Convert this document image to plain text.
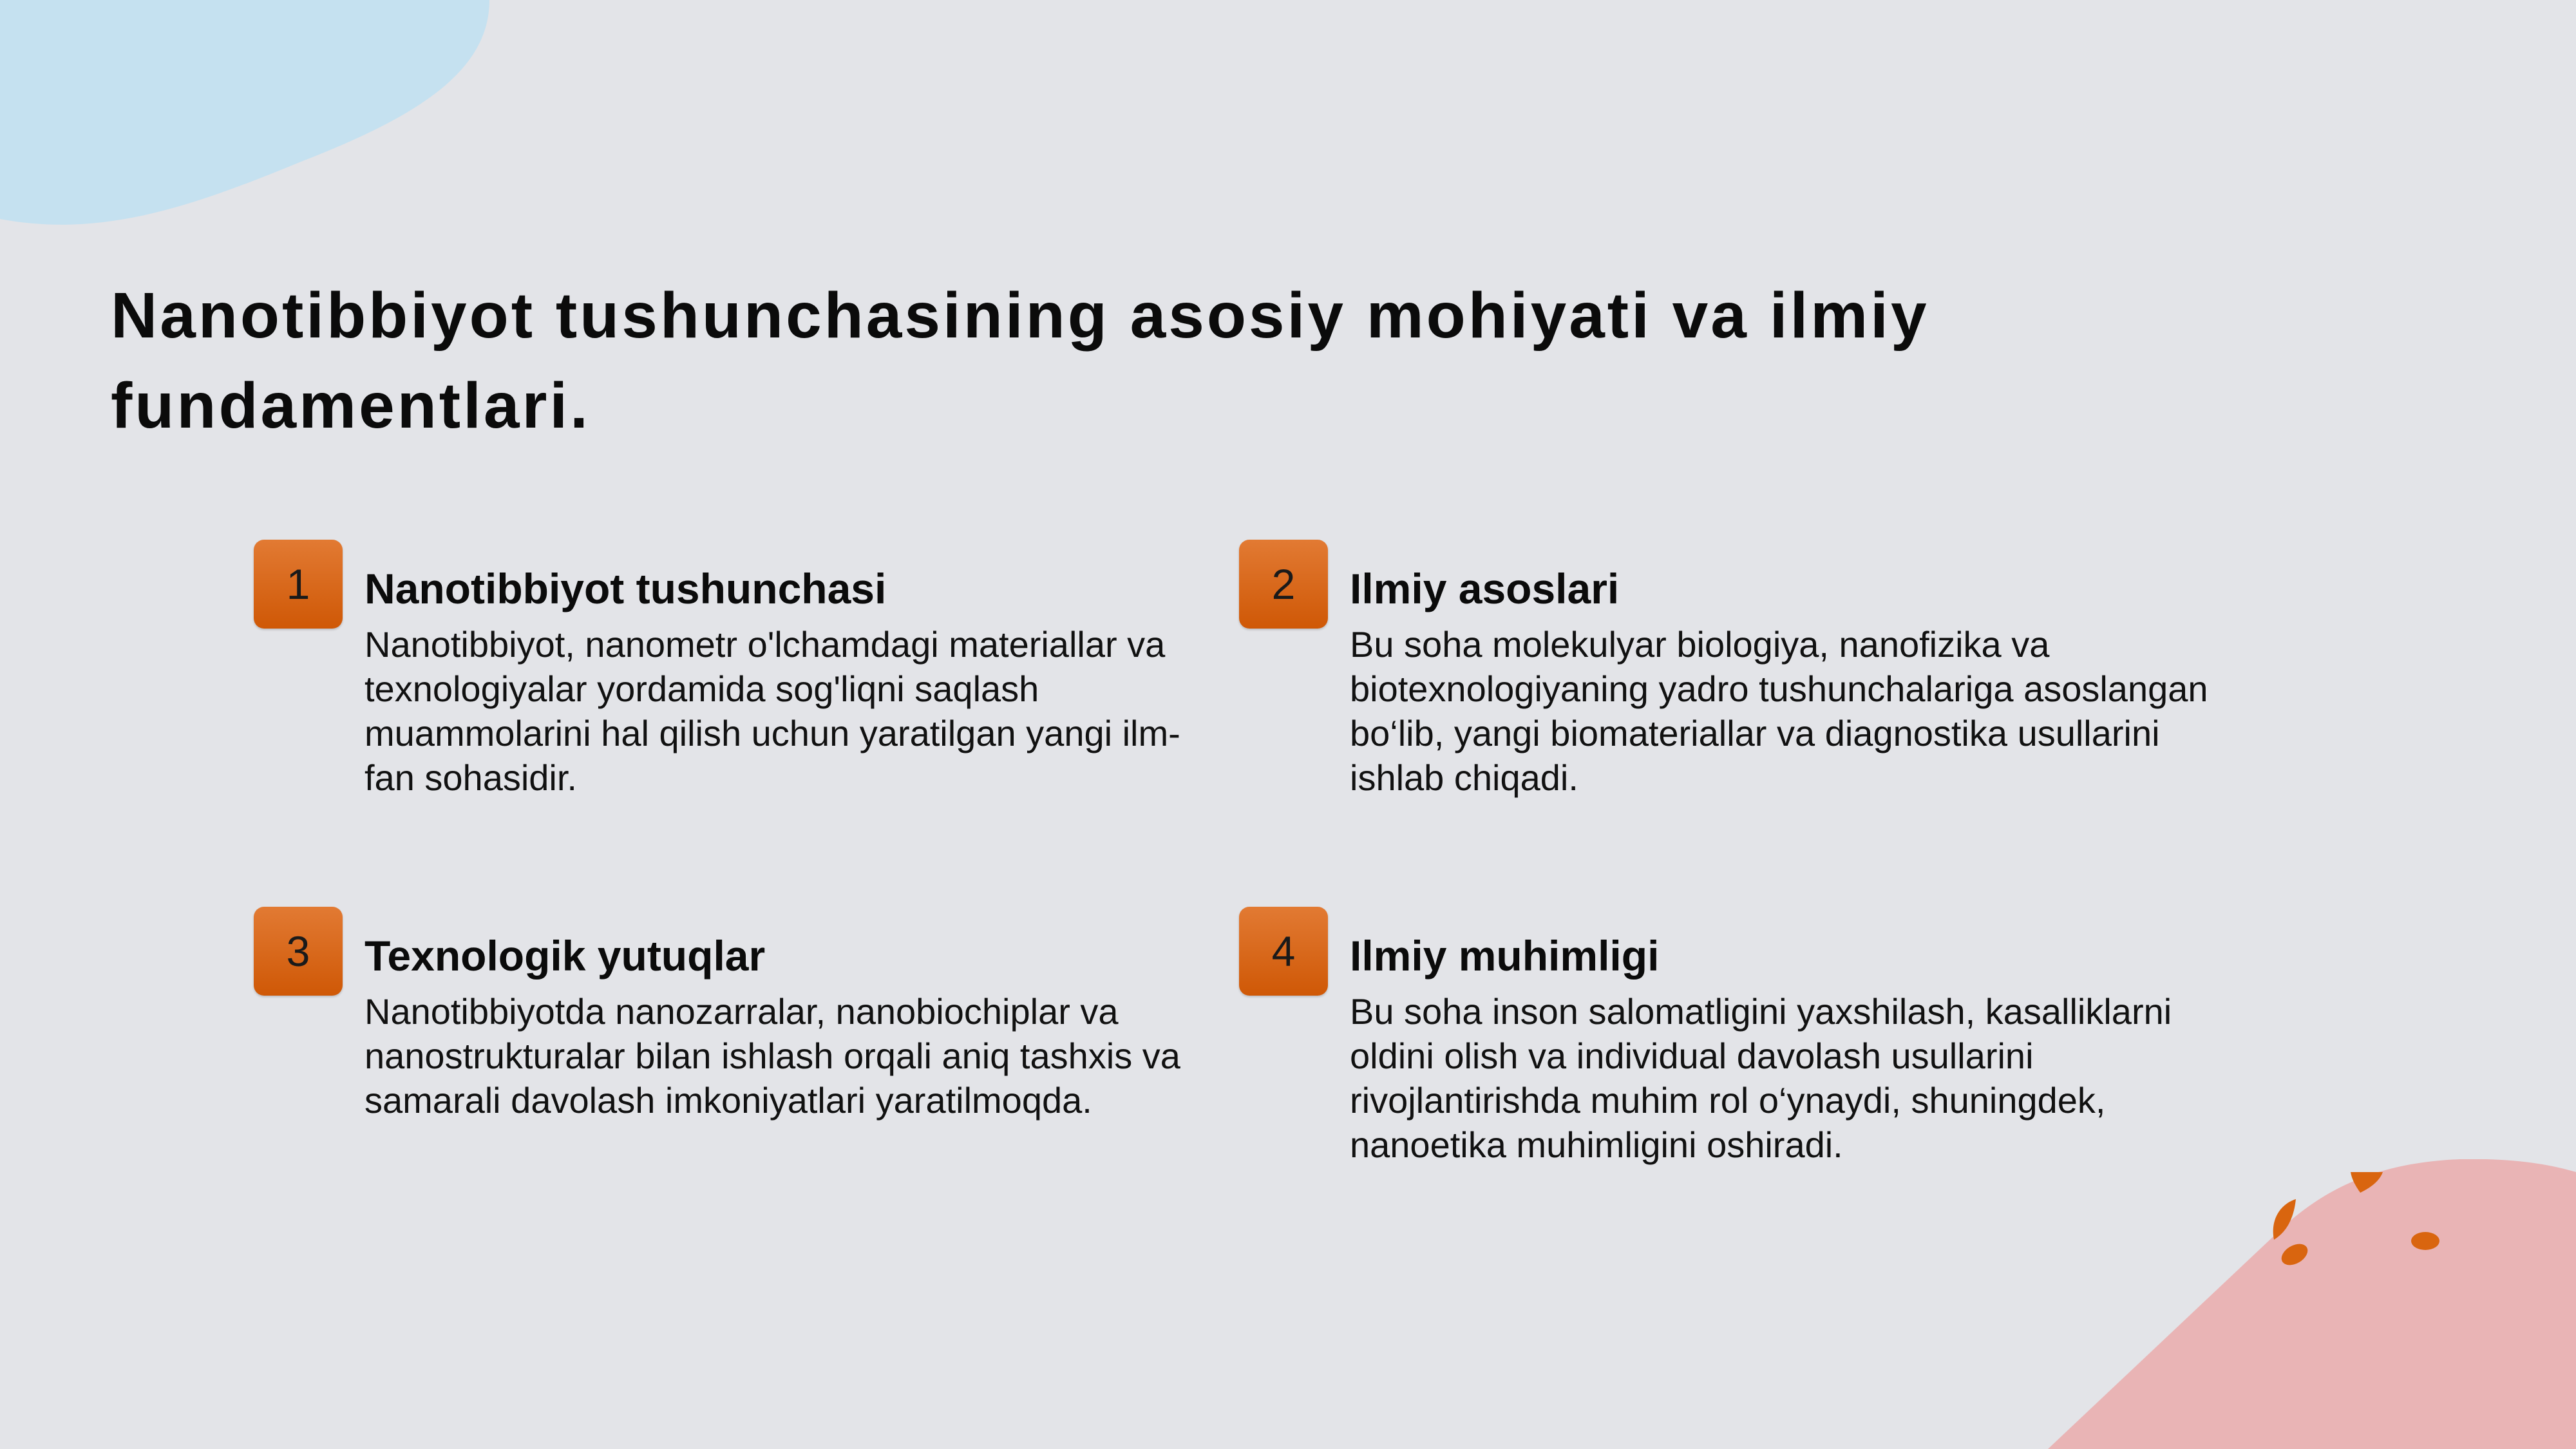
Nanotibbiyot tushunchasining asosiy mohiyati va ilmiy fundamentlari.
1	Nanotibbiyot tushunchasi

Nanotibbiyot, nanometr o'lchamdagi materiallar va texnologiyalar yordamida sog'liqni saqlash muammolarini hal qilish uchun yaratilgan yangi ilm-fan sohasidir.

2	Ilmiy asoslari

Bu soha molekulyar biologiya, nanofizika va biotexnologiyaning yadro tushunchalariga asoslangan bo‘lib, yangi biomateriallar va diagnostika usullarini ishlab chiqadi.

3	Texnologik yutuqlar

Nanotibbiyotda nanozarralar, nanobiochiplar va nanostrukturalar bilan ishlash orqali aniq tashxis va samarali davolash imkoniyatlari yaratilmoqda.

4	Ilmiy muhimligi

Bu soha inson salomatligini yaxshilash, kasalliklarni oldini olish va individual davolash usullarini rivojlantirishda muhim rol o‘ynaydi, shuningdek, nanoetika muhimligini oshiradi.
